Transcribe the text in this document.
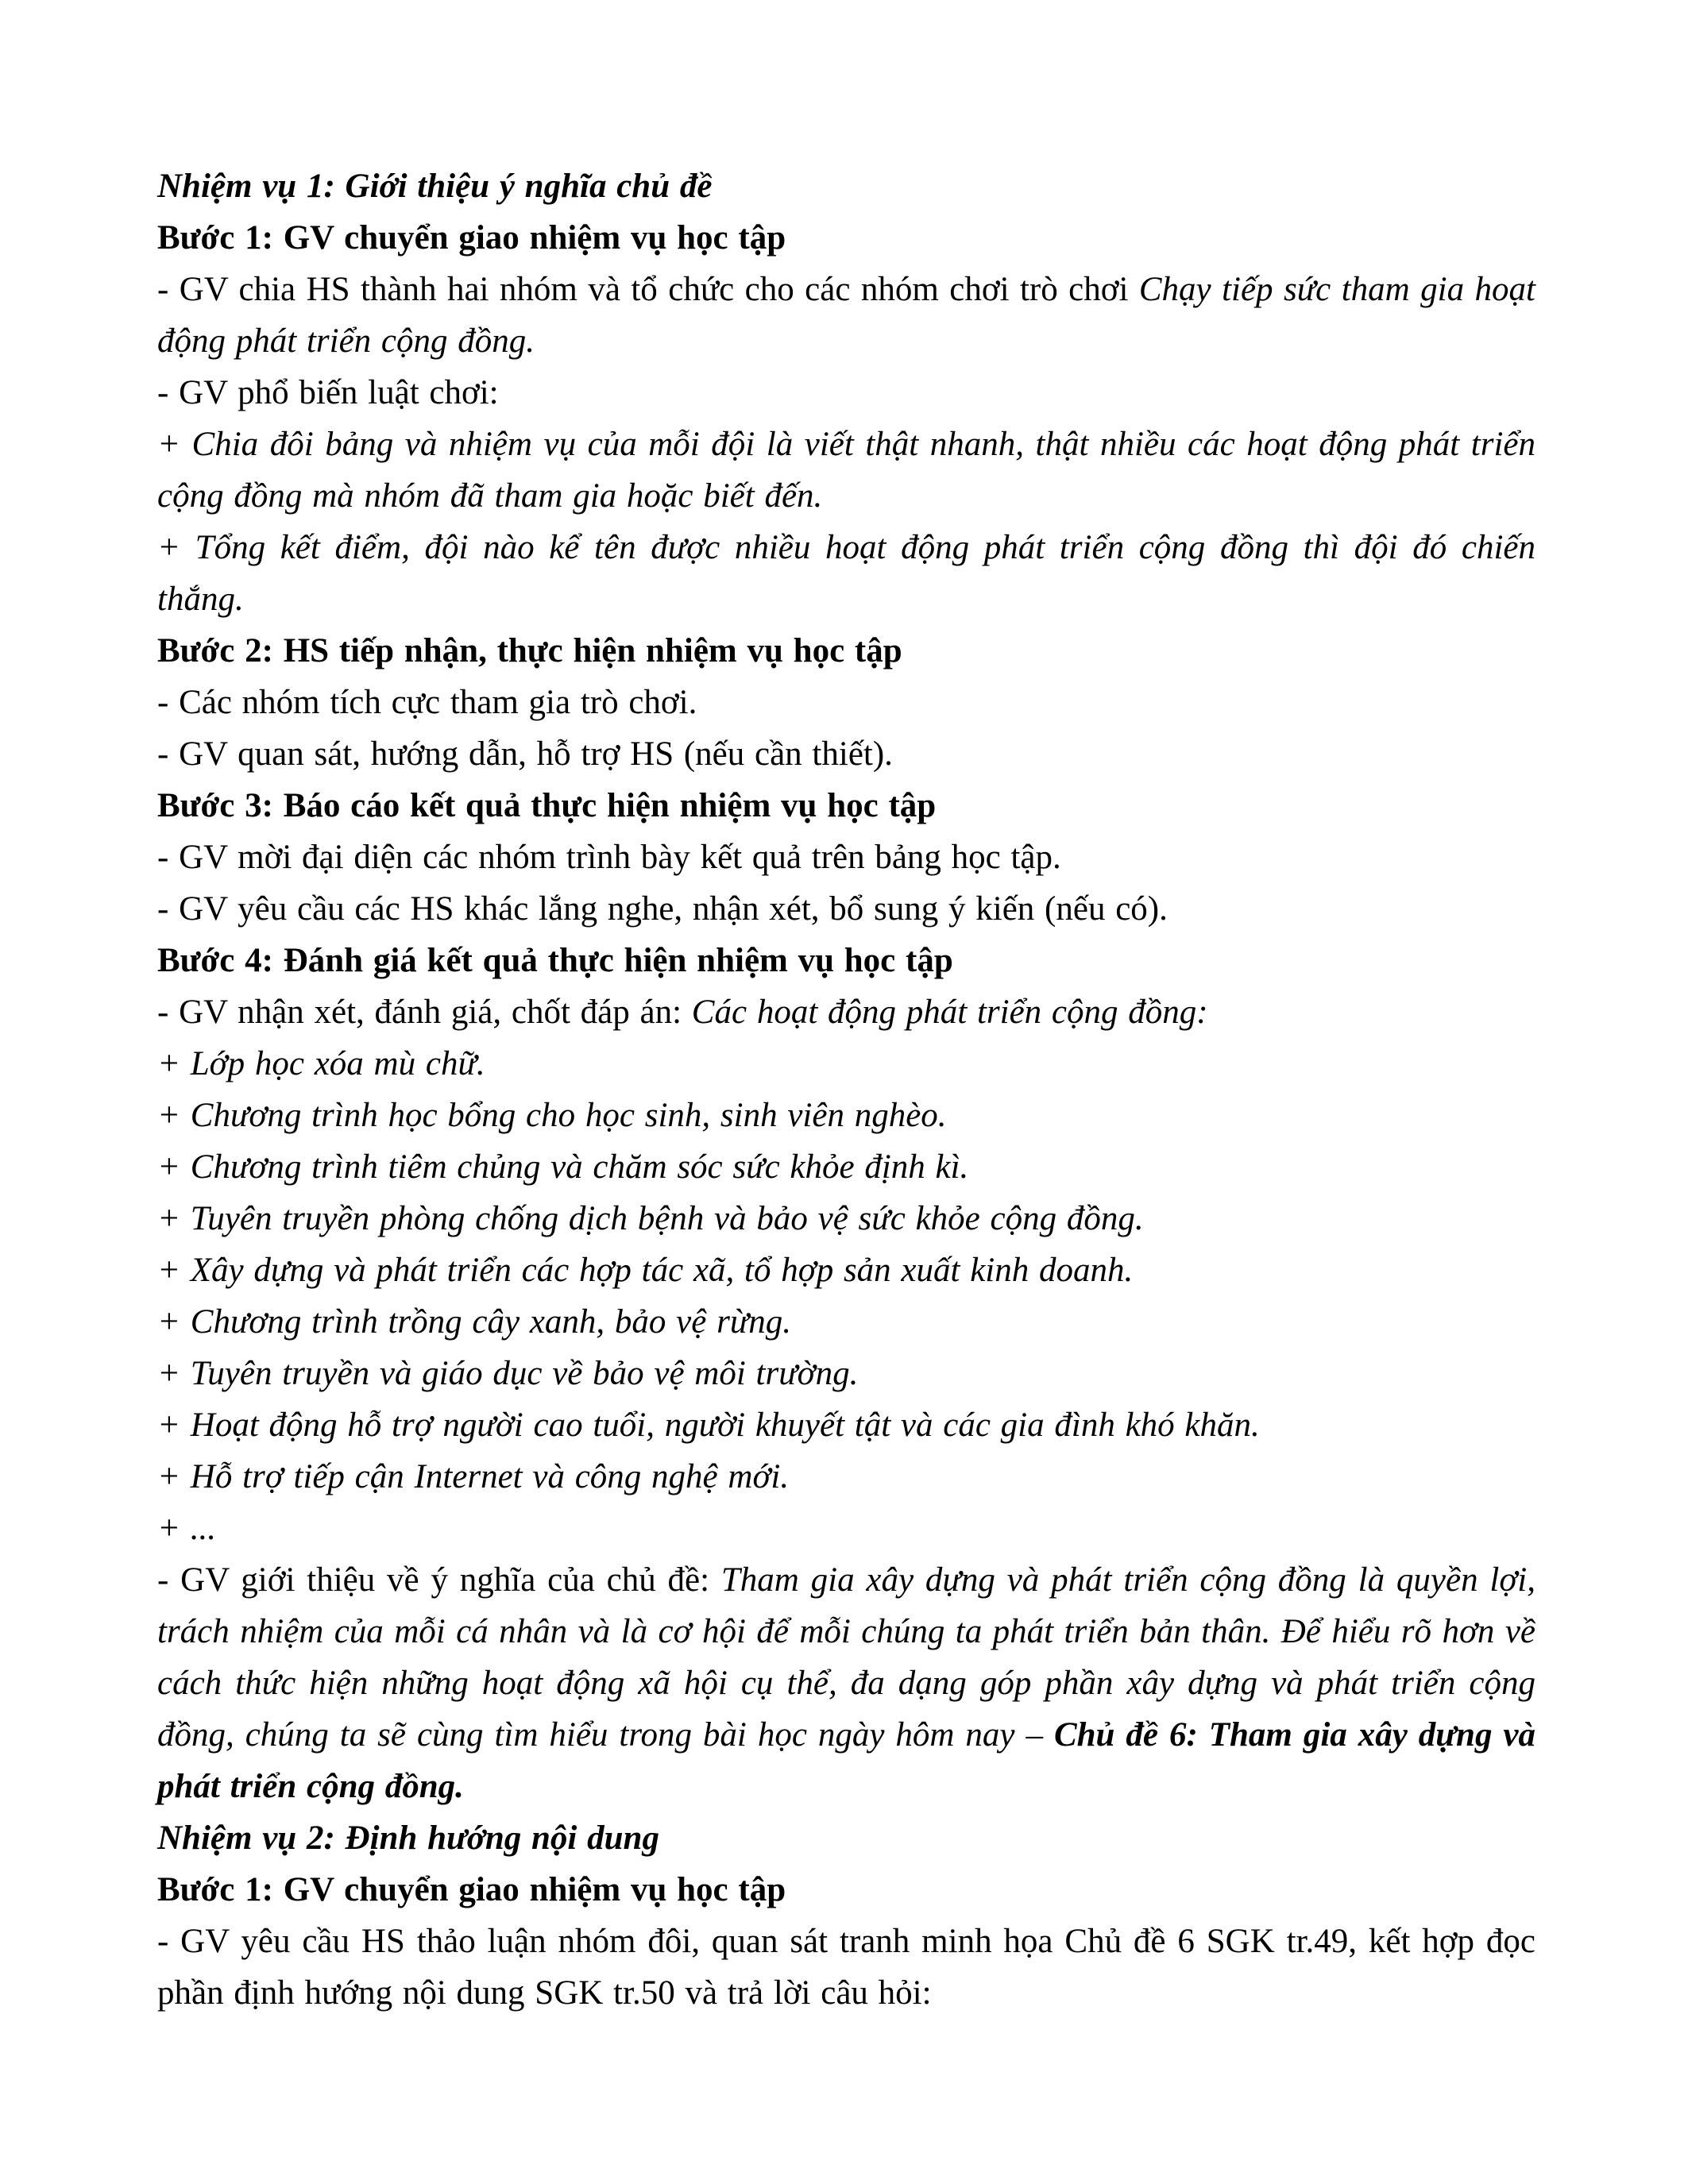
Nhiệm vụ 1: Giới thiệu ý nghĩa chủ đề

Bước 1: GV chuyển giao nhiệm vụ học tập

- GV chia HS thành hai nhóm và tổ chức cho các nhóm chơi trò chơi Chạy tiếp sức tham gia hoạt động phát triển cộng đồng.

- GV phổ biến luật chơi:

+ Chia đôi bảng và nhiệm vụ của mỗi đội là viết thật nhanh, thật nhiều các hoạt động phát triển cộng đồng mà nhóm đã tham gia hoặc biết đến.

+ Tổng kết điểm, đội nào kể tên được nhiều hoạt động phát triển cộng đồng thì đội đó chiến thắng.

Bước 2: HS tiếp nhận, thực hiện nhiệm vụ học tập

- Các nhóm tích cực tham gia trò chơi.

- GV quan sát, hướng dẫn, hỗ trợ HS (nếu cần thiết).

Bước 3: Báo cáo kết quả thực hiện nhiệm vụ học tập

- GV mời đại diện các nhóm trình bày kết quả trên bảng học tập.

- GV yêu cầu các HS khác lắng nghe, nhận xét, bổ sung ý kiến (nếu có).

Bước 4: Đánh giá kết quả thực hiện nhiệm vụ học tập

- GV nhận xét, đánh giá, chốt đáp án: Các hoạt động phát triển cộng đồng:

+ Lớp học xóa mù chữ.

+ Chương trình học bổng cho học sinh, sinh viên nghèo.

+ Chương trình tiêm chủng và chăm sóc sức khỏe định kì.

+ Tuyên truyền phòng chống dịch bệnh và bảo vệ sức khỏe cộng đồng.

+ Xây dựng và phát triển các hợp tác xã, tổ hợp sản xuất kinh doanh.

+ Chương trình trồng cây xanh, bảo vệ rừng.

+ Tuyên truyền và giáo dục về bảo vệ môi trường.

+ Hoạt động hỗ trợ người cao tuổi, người khuyết tật và các gia đình khó khăn.

+ Hỗ trợ tiếp cận Internet và công nghệ mới.

+ ...

- GV giới thiệu về ý nghĩa của chủ đề: Tham gia xây dựng và phát triển cộng đồng là quyền lợi, trách nhiệm của mỗi cá nhân và là cơ hội để mỗi chúng ta phát triển bản thân. Để hiểu rõ hơn về cách thức hiện những hoạt động xã hội cụ thể, đa dạng góp phần xây dựng và phát triển cộng đồng, chúng ta sẽ cùng tìm hiểu trong bài học ngày hôm nay – Chủ đề 6: Tham gia xây dựng và phát triển cộng đồng.

Nhiệm vụ 2: Định hướng nội dung

Bước 1: GV chuyển giao nhiệm vụ học tập

- GV yêu cầu HS thảo luận nhóm đôi, quan sát tranh minh họa Chủ đề 6 SGK tr.49, kết hợp đọc phần định hướng nội dung SGK tr.50 và trả lời câu hỏi:
